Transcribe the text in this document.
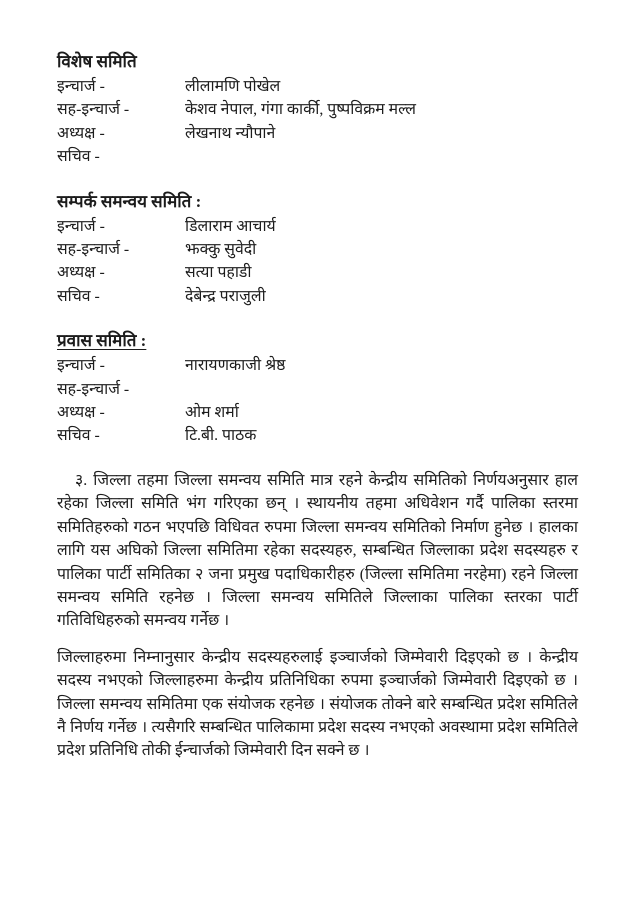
विशेष समिति
इन्चार्ज -	लीलामणि पोखेल
सह-इन्चार्ज -	केशव नेपाल, गंगा कार्की, पुष्पविक्रम मल्ल
अध्यक्ष -	लेखनाथ न्यौपाने
सचिव -
सम्पर्क समन्वय समिति :
इन्चार्ज -	डिलाराम आचार्य
सह-इन्चार्ज -	झक्कु सुवेदी
अध्यक्ष -	सत्या पहाडी
सचिव -	देबेन्द्र पराजुली
प्रवास समिति :
इन्चार्ज -	नारायणकाजी श्रेष्ठ
सह-इन्चार्ज -
अध्यक्ष -	ओम शर्मा
सचिव -	टि.बी. पाठक

३. जिल्ला तहमा जिल्ला समन्वय समिति मात्र रहने केन्द्रीय समितिको निर्णयअनुसार हाल रहेका जिल्ला समिति भंग गरिएका छन् । स्थायनीय तहमा अधिवेशन गर्दै पालिका स्तरमा समितिहरुको गठन भएपछि विधिवत रुपमा जिल्ला समन्वय समितिको निर्माण हुनेछ । हालका लागि यस अघिको जिल्ला समितिमा रहेका सदस्यहरु, सम्बन्धित जिल्लाका प्रदेश सदस्यहरु र पालिका पार्टी समितिका २ जना प्रमुख पदाधिकारीहरु (जिल्ला समितिमा नरहेमा) रहने जिल्ला समन्वय समिति रहनेछ । जिल्ला समन्वय समितिले जिल्लाका पालिका स्तरका पार्टी गतिविधिहरुको समन्वय गर्नेछ ।

जिल्लाहरुमा निम्नानुसार केन्द्रीय सदस्यहरुलाई इञ्चार्जको जिम्मेवारी दिइएको छ । केन्द्रीय सदस्य नभएको जिल्लाहरुमा केन्द्रीय प्रतिनिधिका रुपमा इञ्चार्जको जिम्मेवारी दिइएको छ । जिल्ला समन्वय समितिमा एक संयोजक रहनेछ । संयोजक तोक्ने बारे सम्बन्धित प्रदेश समितिले नै निर्णय गर्नेछ । त्यसैगरि सम्बन्धित पालिकामा प्रदेश सदस्य नभएको अवस्थामा प्रदेश समितिले प्रदेश प्रतिनिधि तोकी ईन्चार्जको जिम्मेवारी दिन सक्ने छ ।
